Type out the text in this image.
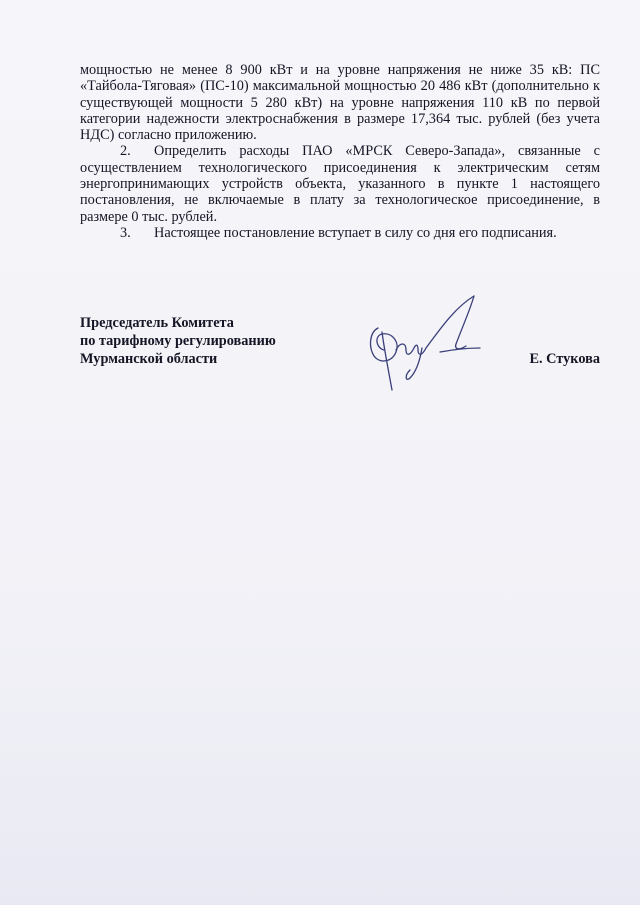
мощностью не менее 8 900 кВт и на уровне напряжения не ниже 35 кВ: ПС «Тайбола-Тяговая» (ПС-10) максимальной мощностью 20 486 кВт (дополнительно к существующей мощности 5 280 кВт) на уровне напряжения 110 кВ по первой категории надежности электроснабжения в размере 17,364 тыс. рублей (без учета НДС) согласно приложению.

2. Определить расходы ПАО «МРСК Северо-Запада», связанные с осуществлением технологического присоединения к электрическим сетям энергопринимающих устройств объекта, указанного в пункте 1 настоящего постановления, не включаемые в плату за технологическое присоединение, в размере 0 тыс. рублей.

3. Настоящее постановление вступает в силу со дня его подписания.

Председатель Комитета
по тарифному регулированию
Мурманской области	Е. Стукова
